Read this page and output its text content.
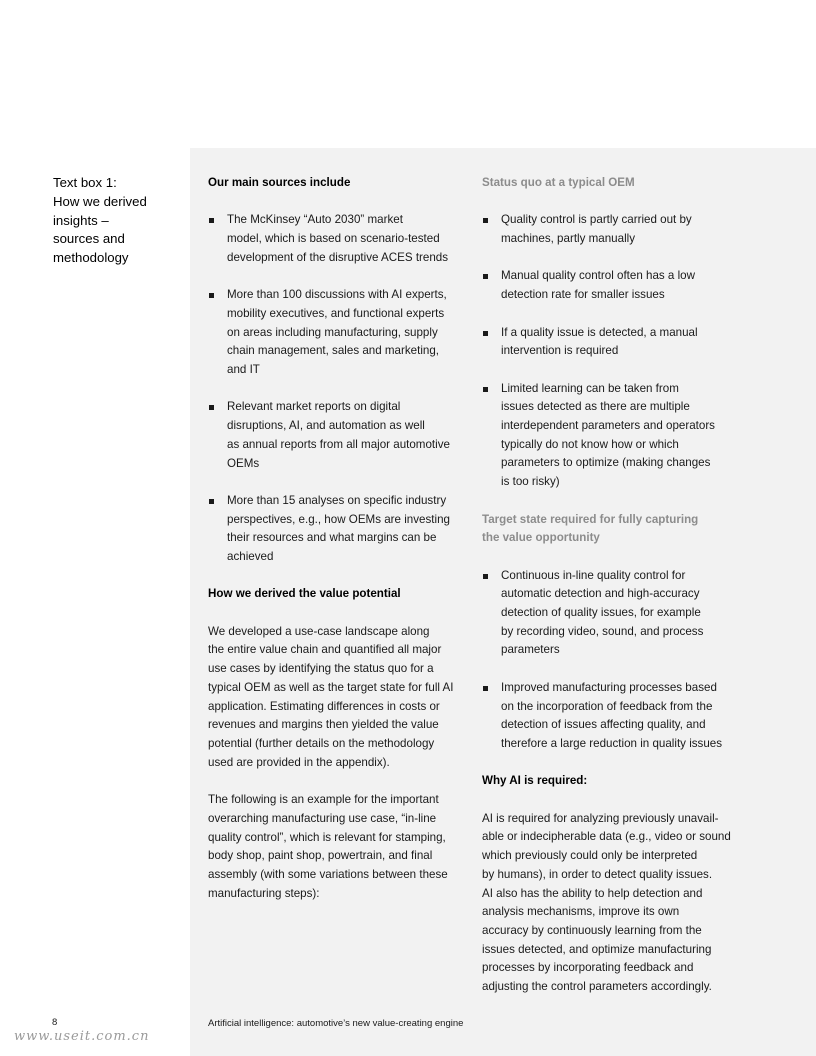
Text box 1:
How we derived
insights –
sources and
methodology
Our main sources include
The McKinsey “Auto 2030” market
model, which is based on scenario-tested
development of the disruptive ACES trends
More than 100 discussions with AI experts,
mobility executives, and functional experts
on areas including manufacturing, supply
chain management, sales and marketing,
and IT
Relevant market reports on digital
disruptions, AI, and automation as well
as annual reports from all major automotive
OEMs
More than 15 analyses on specific industry
perspectives, e.g., how OEMs are investing
their resources and what margins can be
achieved
How we derived the value potential

We developed a use-case landscape along
the entire value chain and quantified all major
use cases by identifying the status quo for a
typical OEM as well as the target state for full AI
application. Estimating differences in costs or
revenues and margins then yielded the value
potential (further details on the methodology
used are provided in the appendix).

The following is an example for the important
overarching manufacturing use case, “in-line
quality control”, which is relevant for stamping,
body shop, paint shop, powertrain, and final
assembly (with some variations between these
manufacturing steps):

Status quo at a typical OEM
Quality control is partly carried out by
machines, partly manually
Manual quality control often has a low
detection rate for smaller issues
If a quality issue is detected, a manual
intervention is required
Limited learning can be taken from
issues detected as there are multiple
interdependent parameters and operators
typically do not know how or which
parameters to optimize (making changes
is too risky)
Target state required for fully capturing
the value opportunity
Continuous in-line quality control for
automatic detection and high-accuracy
detection of quality issues, for example
by recording video, sound, and process
parameters
Improved manufacturing processes based
on the incorporation of feedback from the
detection of issues affecting quality, and
therefore a large reduction in quality issues
Why AI is required:

AI is required for analyzing previously unavail-
able or indecipherable data (e.g., video or sound
which previously could only be interpreted
by humans), in order to detect quality issues.
AI also has the ability to help detection and
analysis mechanisms, improve its own
accuracy by continuously learning from the
issues detected, and optimize manufacturing
processes by incorporating feedback and
adjusting the control parameters accordingly.

8	Artificial intelligence: automotive’s new value-creating engine
www.useit.com.cn
